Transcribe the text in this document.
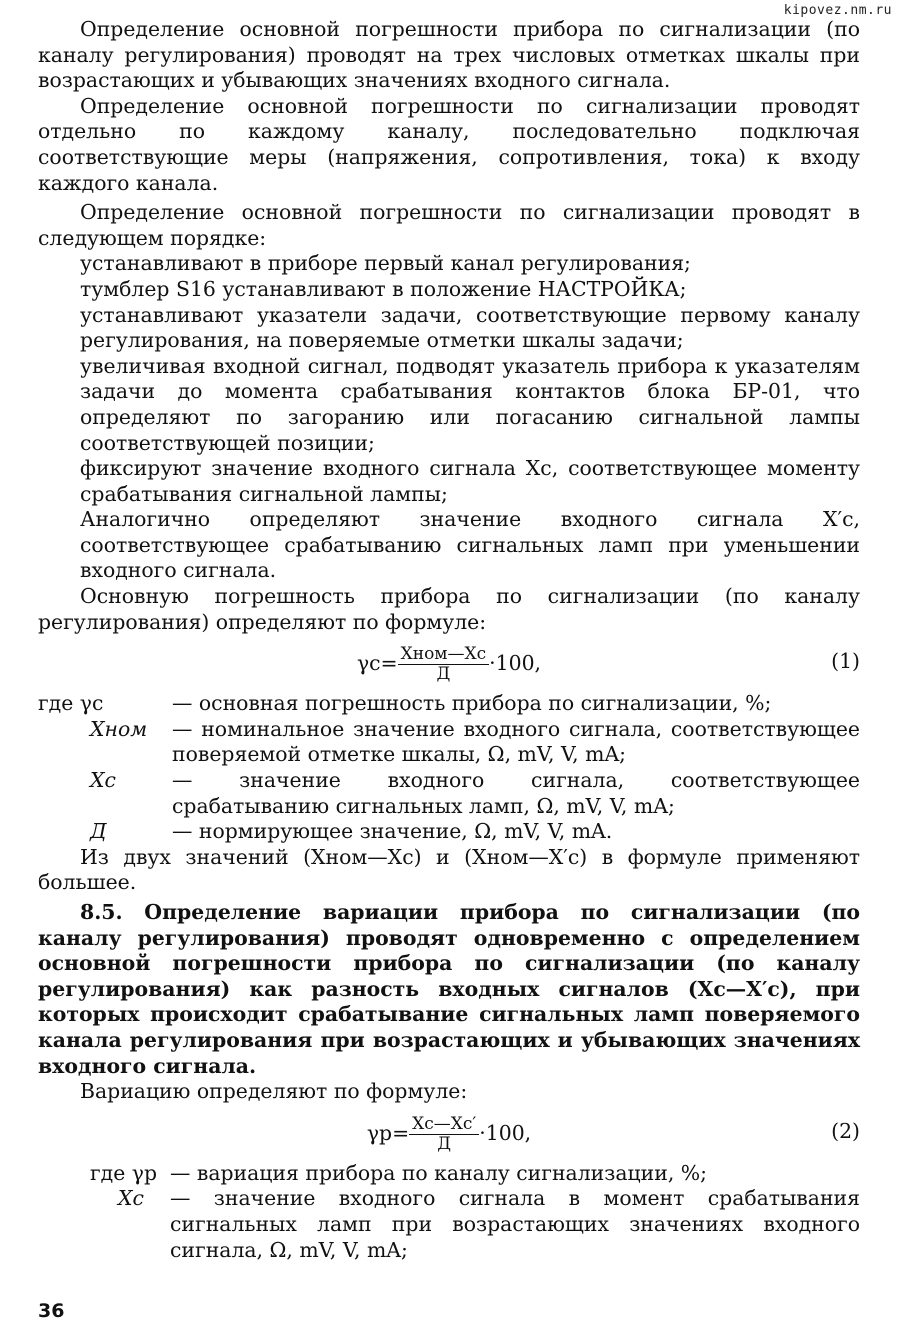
kipovez.nm.ru

Определение основной погрешности прибора по сигнализации (по каналу регулирования) проводят на трех числовых отметках шкалы при возрастающих и убывающих значениях входного сигнала.

Определение основной погрешности по сигнализации проводят отдельно по каждому каналу, последовательно подключая соответствующие меры (напряжения, сопротивления, тока) к входу каждого канала.

Определение основной погрешности по сигнализации проводят в следующем порядке:

устанавливают в приборе первый канал регулирования;

тумблер S16 устанавливают в положение НАСТРОЙКА;

устанавливают указатели задачи, соответствующие первому каналу регулирования, на поверяемые отметки шкалы задачи;

увеличивая входной сигнал, подводят указатель прибора к указателям задачи до момента срабатывания контактов блока БР-01, что определяют по загоранию или погасанию сигнальной лампы соответствующей позиции;

фиксируют значение входного сигнала Xc, соответствующее моменту срабатывания сигнальной лампы;

Аналогично определяют значение входного сигнала X′c, соответствующее срабатыванию сигнальных ламп при уменьшении входного сигнала.

Основную погрешность прибора по сигнализации (по каналу регулирования) определяют по формуле:

$\gamma c= \frac{\text{Xном—Xc}}{Д} \cdot 100$,	(1)
где γc	— основная погрешность прибора по сигнализации, %;
Xном	— номинальное значение входного сигнала, соответствующее поверяемой отметке шкалы, Ω, mV, V, mA;
Xc	— значение входного сигнала, соответствующее срабатыванию сигнальных ламп, Ω, mV, V, mA;
Д	— нормирующее значение, Ω, mV, V, mA.

Из двух значений (Xном—Xc) и (Xном—X′c) в формуле применяют большее.

8.5. Определение вариации прибора по сигнализации (по каналу регулирования) проводят одновременно с определением основной погрешности прибора по сигнализации (по каналу регулирования) как разность входных сигналов (Xc—X′c), при которых происходит срабатывание сигнальных ламп поверяемого канала регулирования при возрастающих и убывающих значениях входного сигнала.

Вариацию определяют по формуле:

$\gamma р= \frac{Xc—Xc'}{Д} \cdot 100$,	(2)
где γр — вариация прибора по каналу сигнализации, %;
Xc	— значение входного сигнала в момент срабатывания сигнальных ламп при возрастающих значениях входного сигнала, Ω, mV, V, mA;
36
